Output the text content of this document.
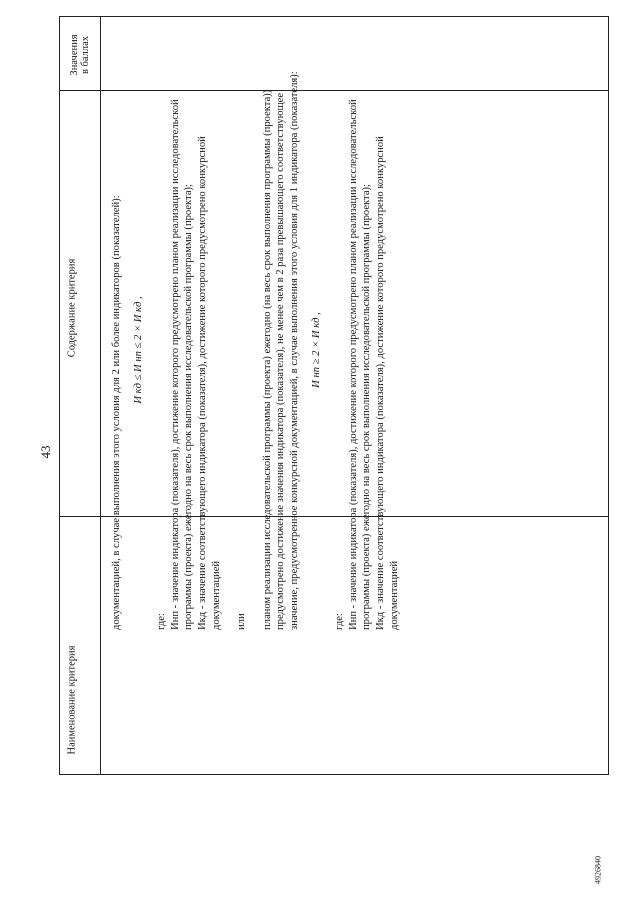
43
4926840
Наименование критерия
Содержание критерия
Значения в баллах

документацией, в случае выполнения этого условия для 2 или более индикаторов (показателей): И кд ≤ И нп ≤ 2 × И кд ,

где: Инп - значение индикатора (показателя), достижение которого предусмотрено планом реализации исследовательской программы (проекта) ежегодно на весь срок выполнения исследовательской программы (проекта); Икд - значение соответствующего индикатора (показателя), достижение которого предусмотрено конкурсной документацией или планом реализации исследовательской программы (проекта) ежегодно (на весь срок выполнения программы (проекта)) предусмотрено достижение значения индикатора (показателя), не менее чем в 2 раза превышающего соответствующее значение, предусмотренное конкурсной документацией, в случае выполнения этого условия для 1 индикатора (показателя): И нп ≥ 2 × И кд ,

где: Инп - значение индикатора (показателя), достижение которого предусмотрено планом реализации исследовательской программы (проекта) ежегодно на весь срок выполнения исследовательской программы (проекта); Икд - значение соответствующего индикатора (показателя), достижение которого предусмотрено конкурсной документацией
